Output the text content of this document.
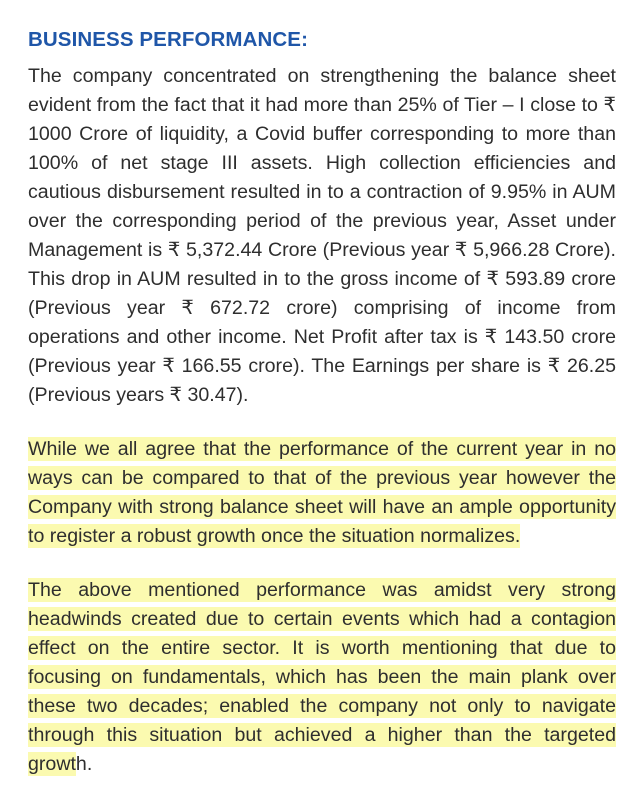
BUSINESS PERFORMANCE:

The company concentrated on strengthening the balance sheet evident from the fact that it had more than 25% of Tier – I close to ₹ 1000 Crore of liquidity, a Covid buffer corresponding to more than 100% of net stage III assets. High collection efficiencies and cautious disbursement resulted in to a contraction of 9.95% in AUM over the corresponding period of the previous year, Asset under Management is ₹ 5,372.44 Crore (Previous year ₹ 5,966.28 Crore). This drop in AUM resulted in to the gross income of ₹ 593.89 crore (Previous year ₹ 672.72 crore) comprising of income from operations and other income. Net Profit after tax is ₹ 143.50 crore (Previous year ₹ 166.55 crore). The Earnings per share is ₹ 26.25 (Previous years ₹ 30.47).

While we all agree that the performance of the current year in no ways can be compared to that of the previous year however the Company with strong balance sheet will have an ample opportunity to register a robust growth once the situation normalizes.

The above mentioned performance was amidst very strong headwinds created due to certain events which had a contagion effect on the entire sector. It is worth mentioning that due to focusing on fundamentals, which has been the main plank over these two decades; enabled the company not only to navigate through this situation but achieved a higher than the targeted growth.
